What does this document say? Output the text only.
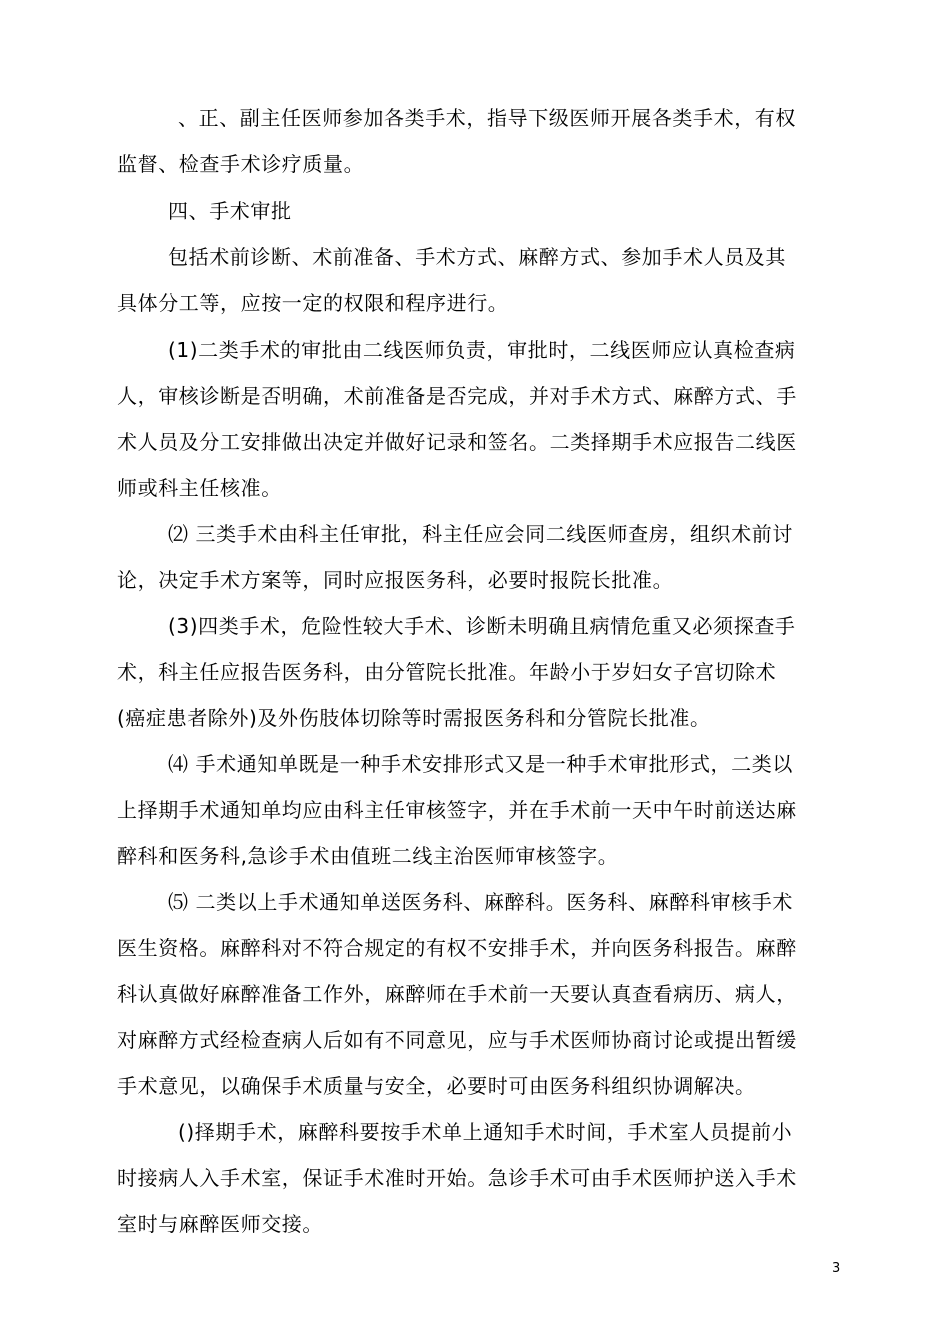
、正、副主任医师参加各类手术，指导下级医师开展各类手术，有权
监督、检查手术诊疗质量。
四、手术审批
包括术前诊断、术前准备、手术方式、麻醉方式、参加手术人员及其
具体分工等，应按一定的权限和程序进行。
(1)二类手术的审批由二线医师负责，审批时，二线医师应认真检查病
人，审核诊断是否明确，术前准备是否完成，并对手术方式、麻醉方式、手
术人员及分工安排做出决定并做好记录和签名。二类择期手术应报告二线医
师或科主任核准。
⑵ 三类手术由科主任审批，科主任应会同二线医师查房，组织术前讨
论，决定手术方案等，同时应报医务科，必要时报院长批准。
(3)四类手术，危险性较大手术、诊断未明确且病情危重又必须探查手
术，科主任应报告医务科，由分管院长批准。年龄小于岁妇女子宫切除术
(癌症患者除外)及外伤肢体切除等时需报医务科和分管院长批准。
⑷ 手术通知单既是一种手术安排形式又是一种手术审批形式，二类以
上择期手术通知单均应由科主任审核签字，并在手术前一天中午时前送达麻
醉科和医务科,急诊手术由值班二线主治医师审核签字。
⑸ 二类以上手术通知单送医务科、麻醉科。医务科、麻醉科审核手术
医生资格。麻醉科对不符合规定的有权不安排手术，并向医务科报告。麻醉
科认真做好麻醉准备工作外，麻醉师在手术前一天要认真查看病历、病人，
对麻醉方式经检查病人后如有不同意见，应与手术医师协商讨论或提出暂缓
手术意见，以确保手术质量与安全，必要时可由医务科组织协调解决。
()择期手术，麻醉科要按手术单上通知手术时间，手术室人员提前小
时接病人入手术室，保证手术准时开始。急诊手术可由手术医师护送入手术
室时与麻醉医师交接。
3
